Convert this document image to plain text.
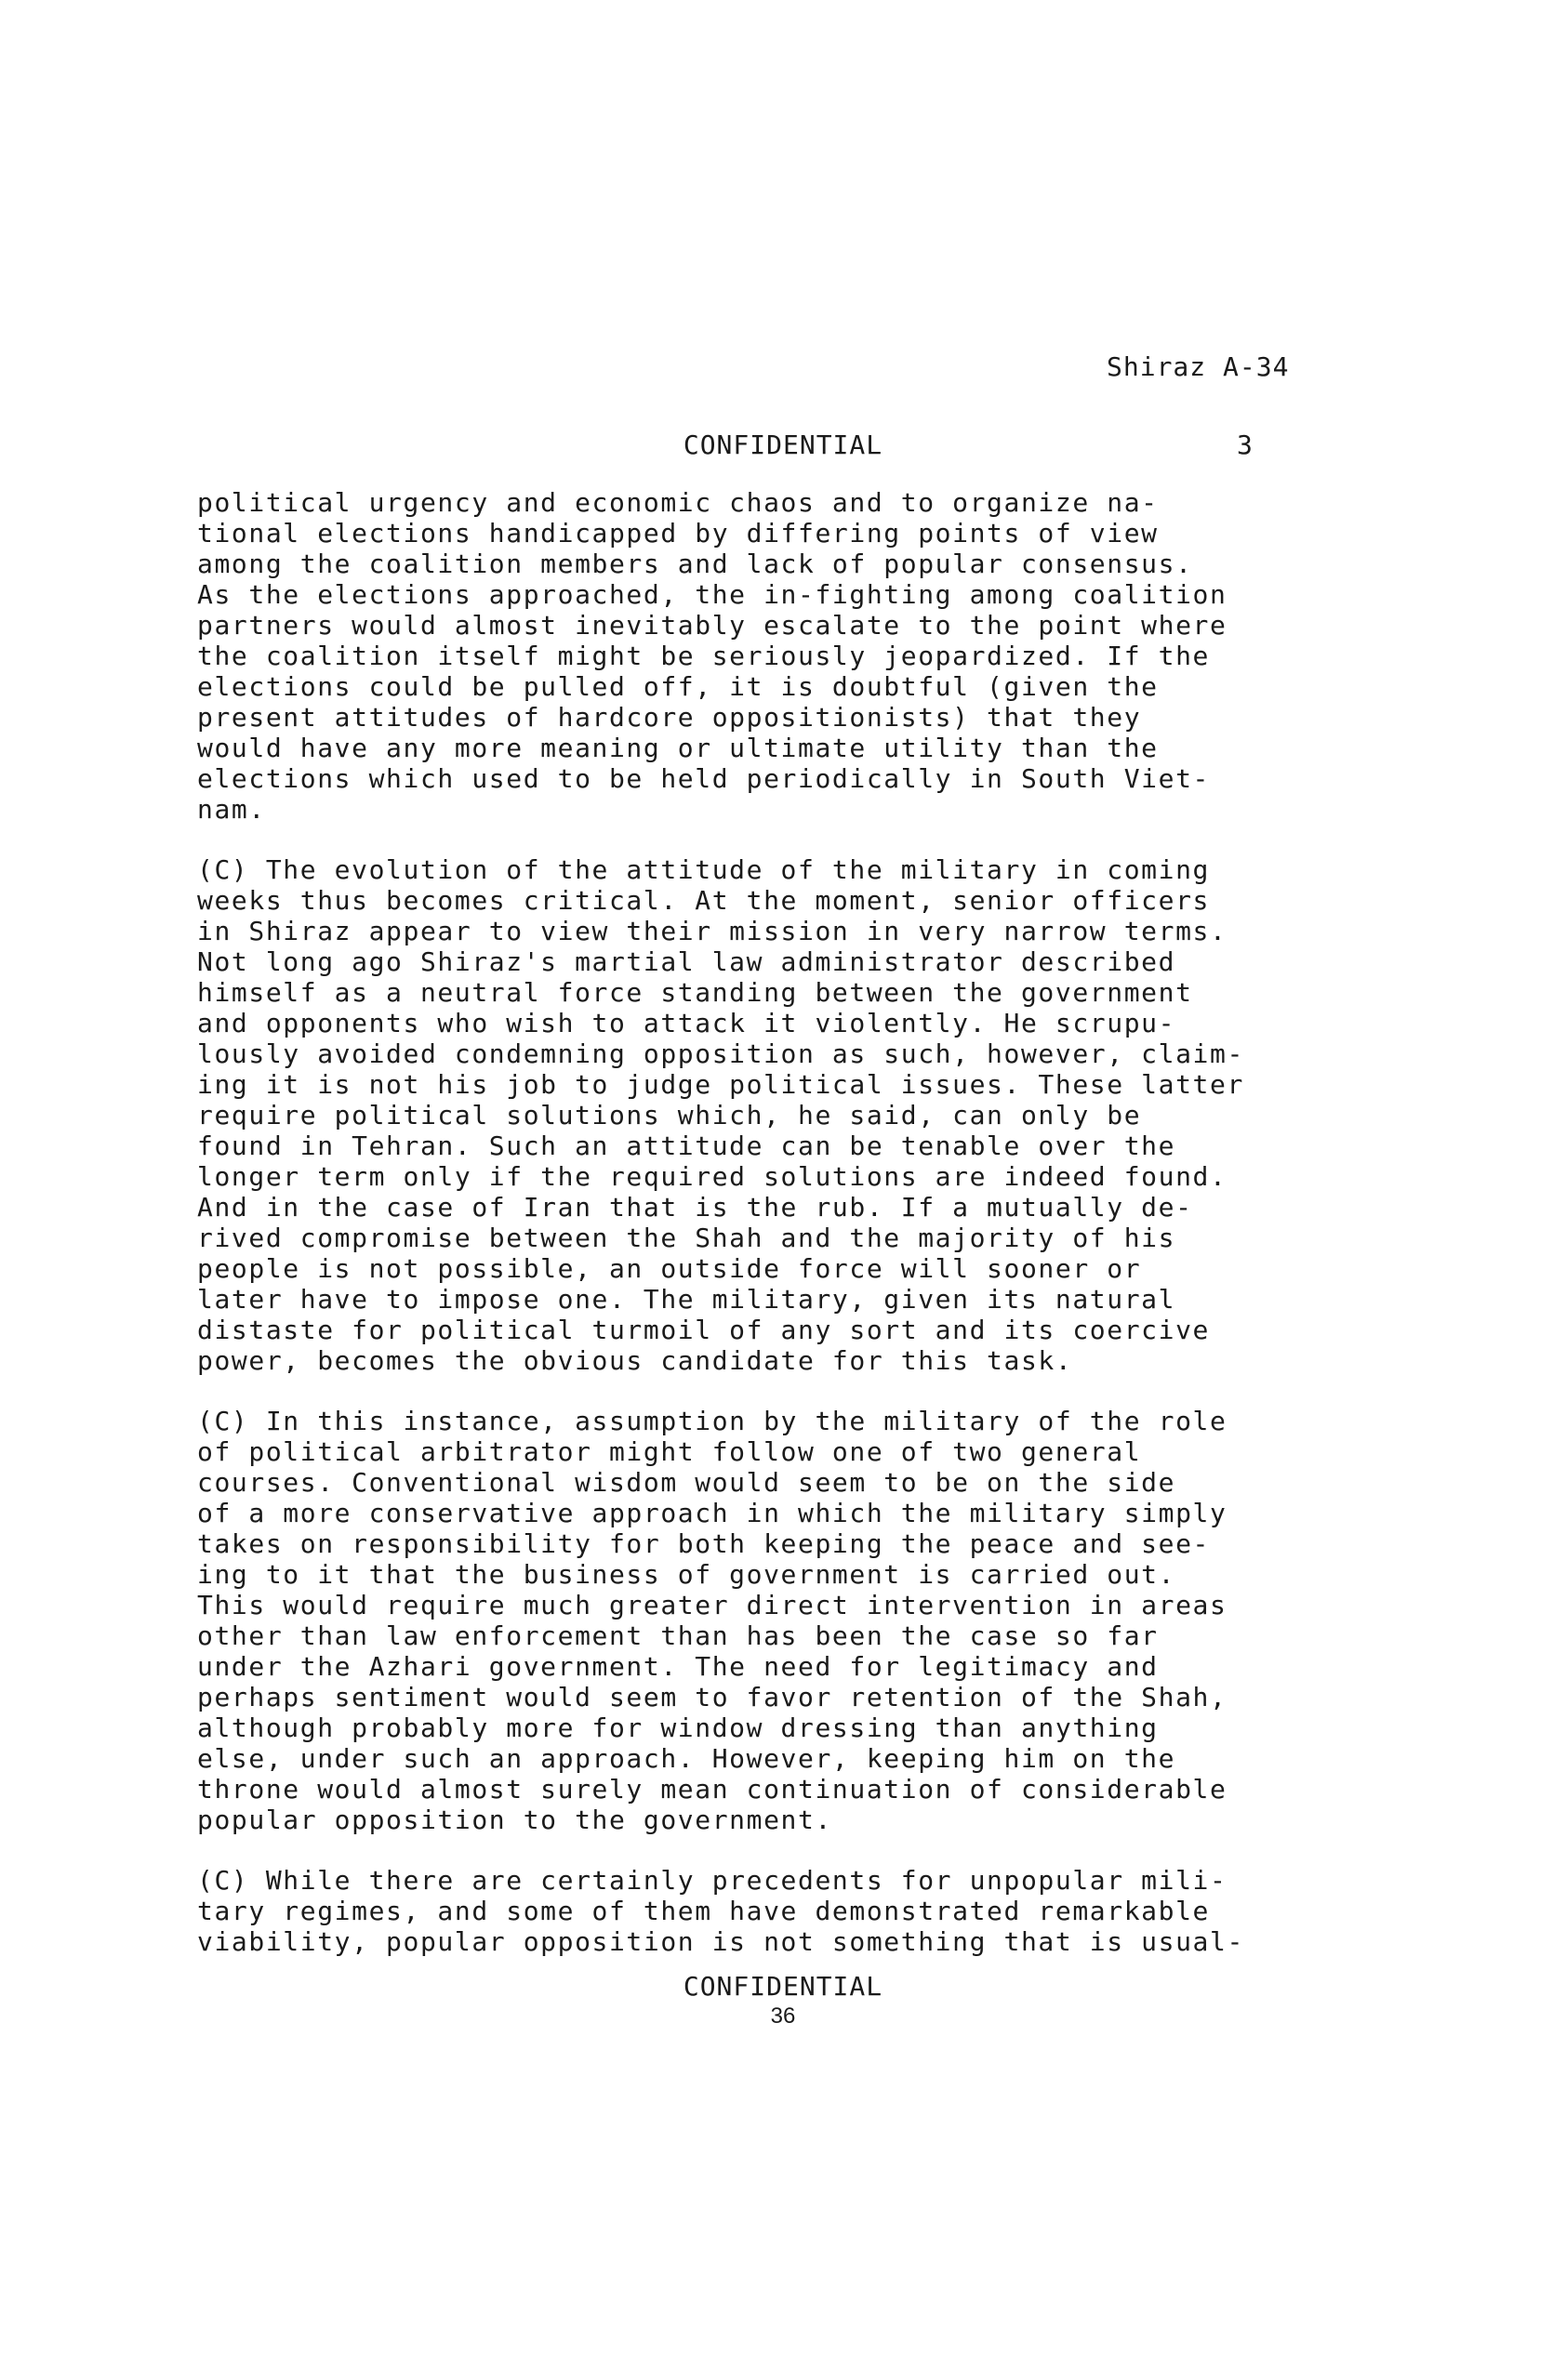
Shiraz A-34
CONFIDENTIAL	3
political urgency and economic chaos and to organize na-
tional elections handicapped by differing points of view
among the coalition members and lack of popular consensus.
As the elections approached, the in-fighting among coalition
partners would almost inevitably escalate to the point where
the coalition itself might be seriously jeopardized. If the
elections could be pulled off, it is doubtful (given the
present attitudes of hardcore oppositionists) that they
would have any more meaning or ultimate utility than the
elections which used to be held periodically in South Viet-
nam.
(C) The evolution of the attitude of the military in coming
weeks thus becomes critical. At the moment, senior officers
in Shiraz appear to view their mission in very narrow terms.
Not long ago Shiraz's martial law administrator described
himself as a neutral force standing between the government
and opponents who wish to attack it violently. He scrupu-
lously avoided condemning opposition as such, however, claim-
ing it is not his job to judge political issues. These latter
require political solutions which, he said, can only be
found in Tehran. Such an attitude can be tenable over the
longer term only if the required solutions are indeed found.
And in the case of Iran that is the rub. If a mutually de-
rived compromise between the Shah and the majority of his
people is not possible, an outside force will sooner or
later have to impose one. The military, given its natural
distaste for political turmoil of any sort and its coercive
power, becomes the obvious candidate for this task.
(C) In this instance, assumption by the military of the role
of political arbitrator might follow one of two general
courses. Conventional wisdom would seem to be on the side
of a more conservative approach in which the military simply
takes on responsibility for both keeping the peace and see-
ing to it that the business of government is carried out.
This would require much greater direct intervention in areas
other than law enforcement than has been the case so far
under the Azhari government. The need for legitimacy and
perhaps sentiment would seem to favor retention of the Shah,
although probably more for window dressing than anything
else, under such an approach. However, keeping him on the
throne would almost surely mean continuation of considerable
popular opposition to the government.
(C) While there are certainly precedents for unpopular mili-
tary regimes, and some of them have demonstrated remarkable
viability, popular opposition is not something that is usual-
CONFIDENTIAL
36
